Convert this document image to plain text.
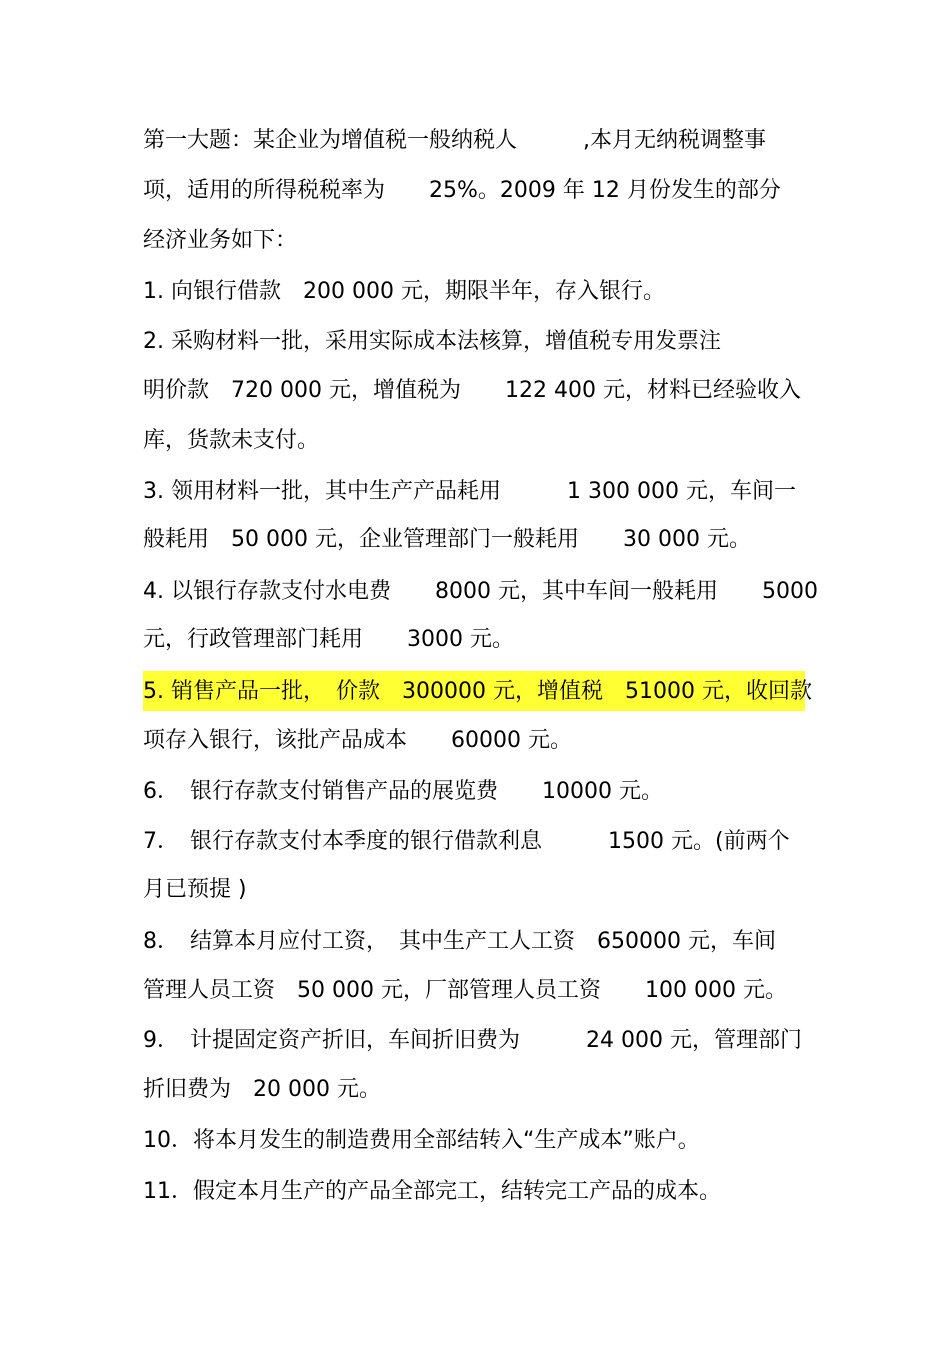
第一大题：某企业为增值税一般纳税人　　　,本月无纳税调整事
项，适用的所得税税率为　　25%。2009 年 12 月份发生的部分
经济业务如下：
1. 向银行借款　200 000 元，期限半年，存入银行。
2. 采购材料一批，采用实际成本法核算，增值税专用发票注
明价款　720 000 元，增值税为　　122 400 元，材料已经验收入
库，货款未支付。
3. 领用材料一批，其中生产产品耗用　　　1 300 000 元，车间一
般耗用　50 000 元，企业管理部门一般耗用　　30 000 元。
4. 以银行存款支付水电费　　8000 元，其中车间一般耗用　　5000
元，行政管理部门耗用　　3000 元。
5. 销售产品一批，　价款　300000 元，增值税　51000 元，收回款
项存入银行，该批产品成本　　60000 元。
6．　银行存款支付销售产品的展览费　　10000 元。
7．　银行存款支付本季度的银行借款利息　　　1500 元。(前两个
月已预提 )
8．　结算本月应付工资，　其中生产工人工资　650000 元，车间
管理人员工资　50 000 元，厂部管理人员工资　　100 000 元。
9．　计提固定资产折旧，车间折旧费为　　　24 000 元，管理部门
折旧费为　20 000 元。
10．将本月发生的制造费用全部结转入“生产成本”账户。
11．假定本月生产的产品全部完工，结转完工产品的成本。
